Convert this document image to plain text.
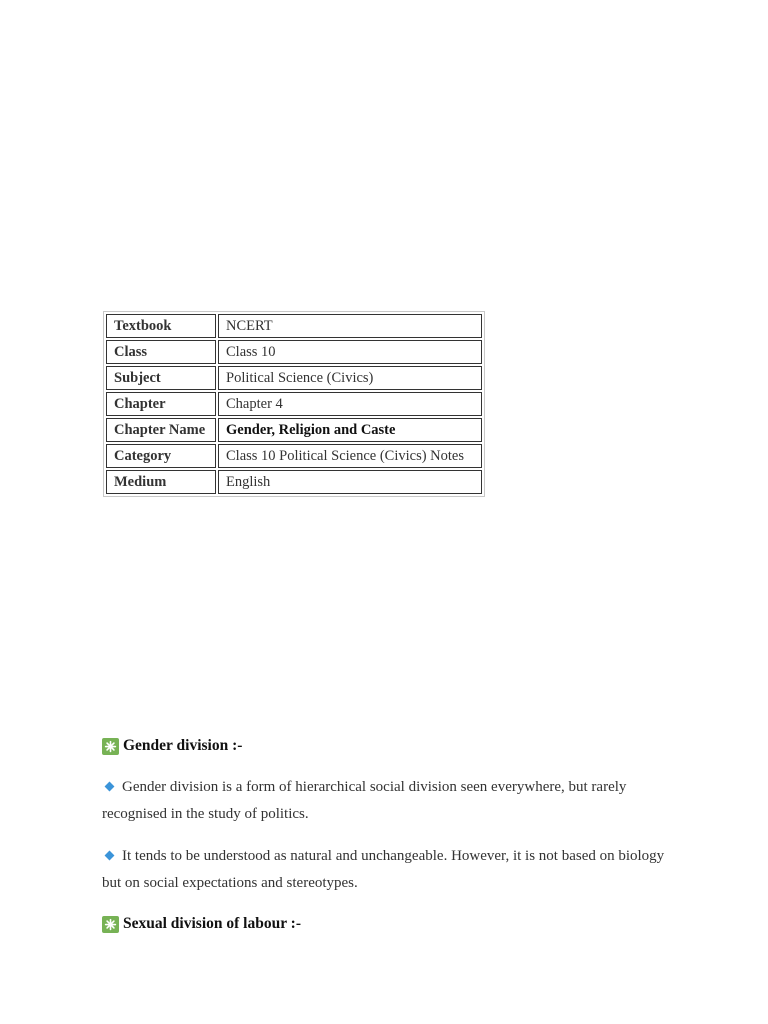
Textbook	NCERT
Class	Class 10
Subject	Political Science (Civics)
Chapter	Chapter 4
Chapter Name	Gender, Religion and Caste
Category	Class 10 Political Science (Civics) Notes
Medium	English
Gender division :-

Gender division is a form of hierarchical social division seen everywhere, but rarely recognised in the study of politics.

It tends to be understood as natural and unchangeable. However, it is not based on biology but on social expectations and stereotypes.

Sexual division of labour :-
